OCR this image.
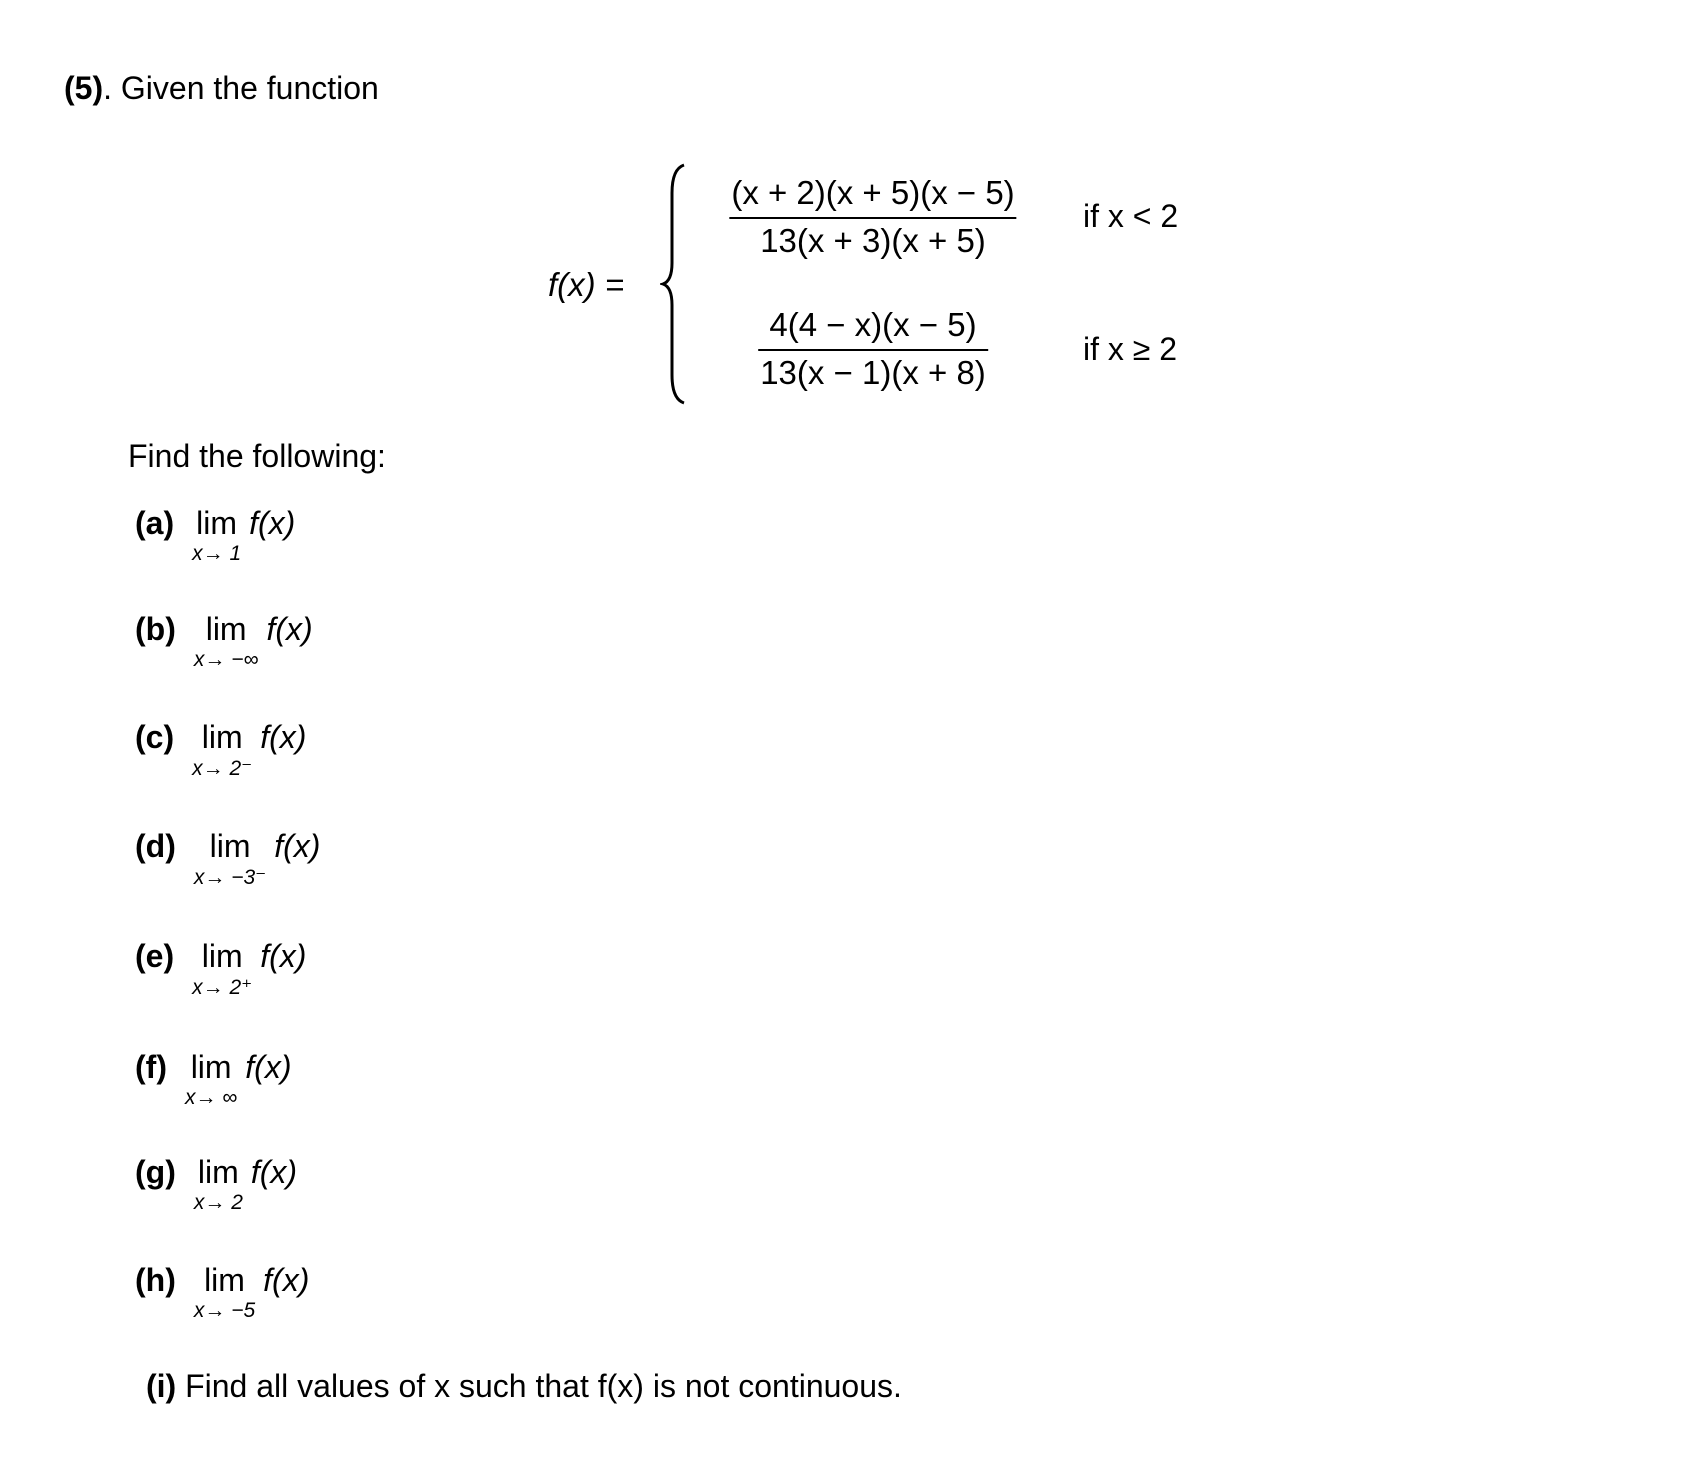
(5). Given the function
f(x) =
(x + 2)(x + 5)(x − 5)
13(x + 3)(x + 5)
if x < 2
4(4 − x)(x − 5)
13(x − 1)(x + 8)
if x ≥ 2
Find the following:
(a) lim
x→ 1
f(x)
(b) lim
x→ −∞
f(x)
(c) lim
x→ 2⁻
f(x)
(d) lim
x→ −3⁻
f(x)
(e) lim
x→ 2⁺
f(x)
(f) lim
x→ ∞
f(x)
(g) lim
x→ 2
f(x)
(h) lim
x→ −5
f(x)
(i) Find all values of x such that f(x) is not continuous.
